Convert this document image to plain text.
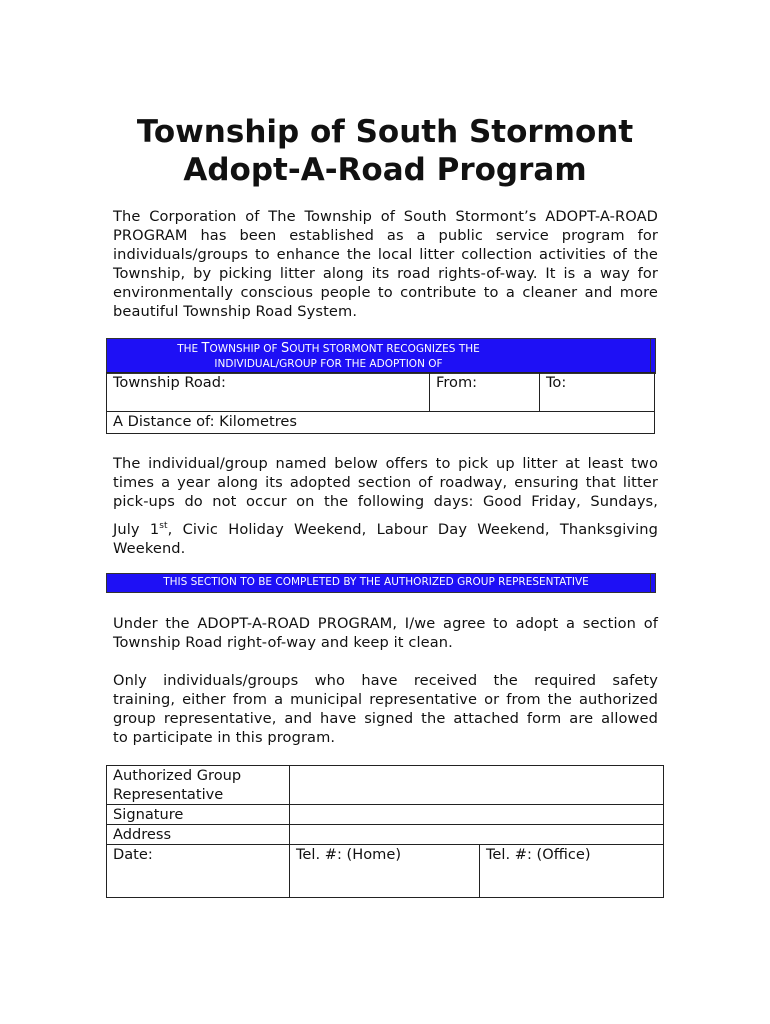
Township of South Stormont
Adopt-A-Road Program
The Corporation of The Township of South Stormont’s ADOPT-A-ROAD
PROGRAM has been established as a public service program for
individuals/groups to enhance the local litter collection activities of the
Township, by picking litter along its road rights-of-way. It is a way for
environmentally conscious people to contribute to a cleaner and more
beautiful Township Road System.
THE TOWNSHIP OF SOUTH STORMONT RECOGNIZES THE
INDIVIDUAL/GROUP FOR THE ADOPTION OF
Township Road:	From:	To:
A Distance of: Kilometres
The individual/group named below offers to pick up litter at least two
times a year along its adopted section of roadway, ensuring that litter
pick-ups do not occur on the following days: Good Friday, Sundays,
July 1st, Civic Holiday Weekend, Labour Day Weekend, Thanksgiving
Weekend.
THIS SECTION TO BE COMPLETED BY THE AUTHORIZED GROUP REPRESENTATIVE
Under the ADOPT-A-ROAD PROGRAM, I/we agree to adopt a section of
Township Road right-of-way and keep it clean.
Only individuals/groups who have received the required safety
training, either from a municipal representative or from the authorized
group representative, and have signed the attached form are allowed
to participate in this program.
Authorized Group
Representative		

Signature		
Address		
Date:	Tel. #: (Home)	Tel. #: (Office)
